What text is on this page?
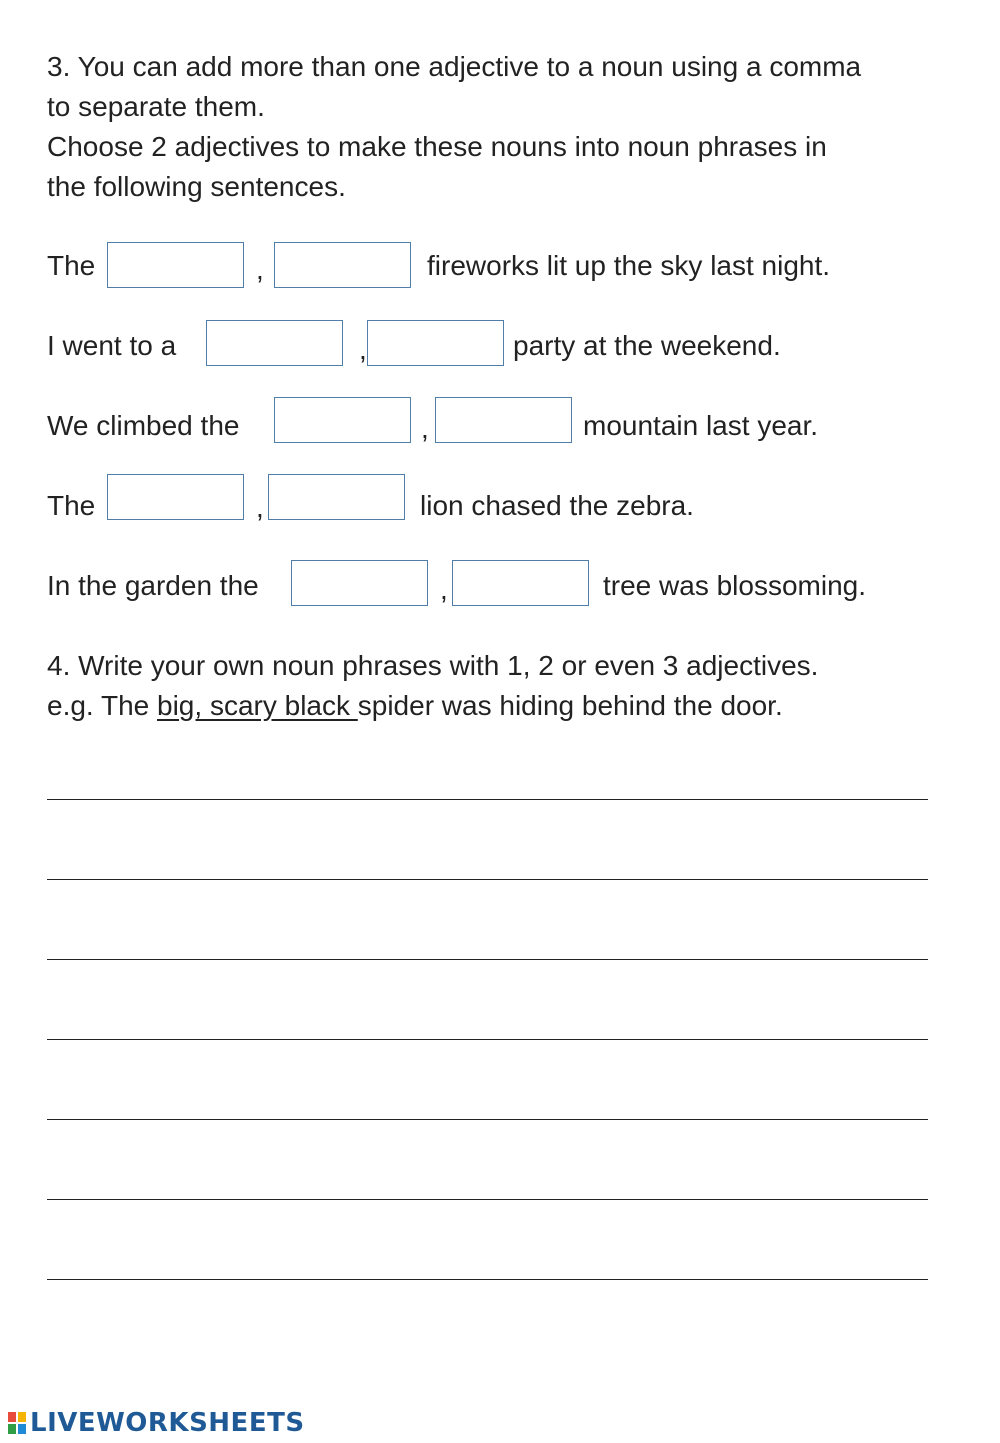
3. You can add more than one adjective to a noun using a comma
to separate them.
Choose 2 adjectives to make these nouns into noun phrases in
the following sentences.
The	,	fireworks lit up the sky last night.
I went to a	,	party at the weekend.
We climbed the	,	mountain last year.
The	,	lion chased the zebra.
In the garden the	,	tree was blossoming.
4. Write your own noun phrases with 1, 2 or even 3 adjectives.
e.g. The big, scary black spider was hiding behind the door.
LIVEWORKSHEETS
